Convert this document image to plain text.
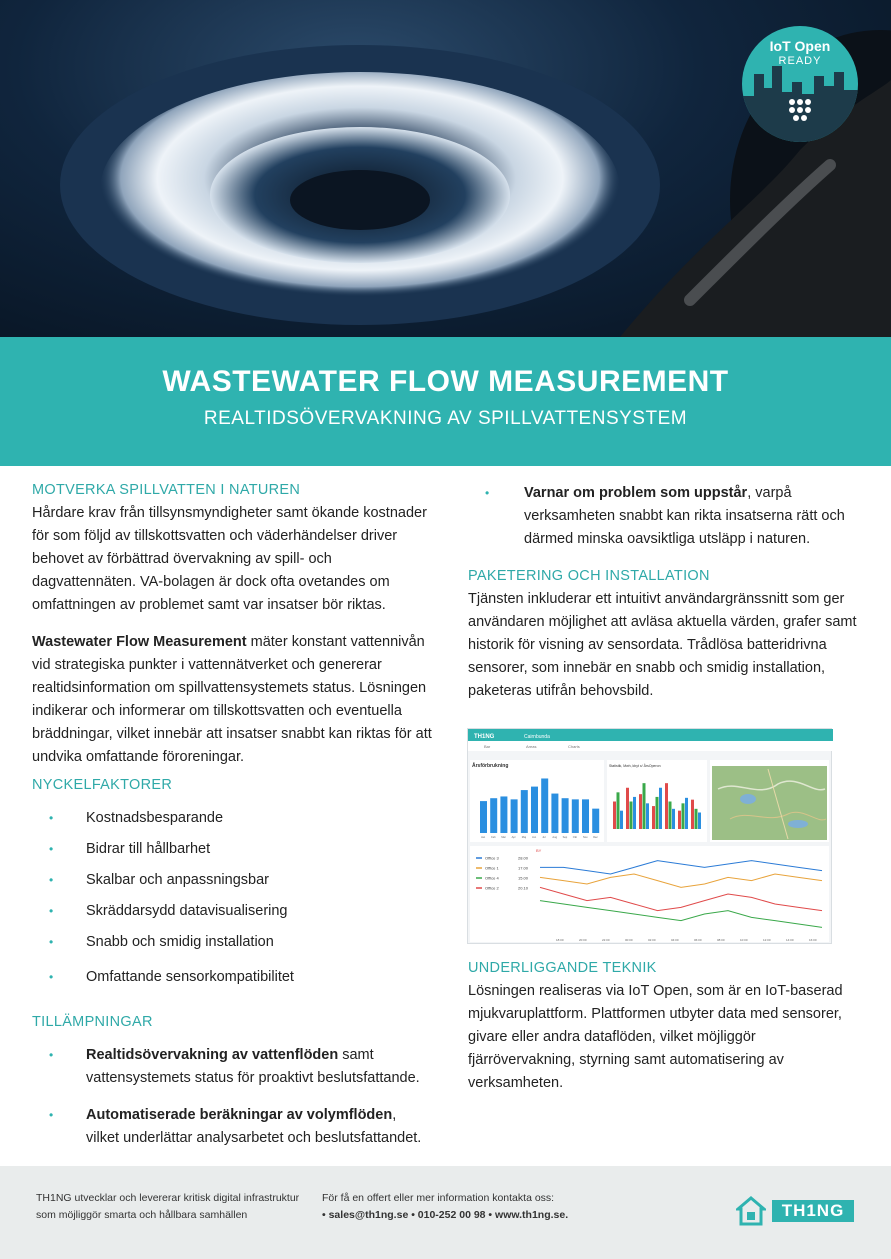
IoT Open
READY
WASTEWATER FLOW MEASUREMENT
REALTIDSÖVERVAKNING AV SPILLVATTENSYSTEM
MOTVERKA SPILLVATTEN I NATUREN

Hårdare krav från tillsynsmyndigheter samt ökande kostnader för som följd av tillskottsvatten och väderhändelser driver behovet av förbättrad övervakning av spill- och dagvattennäten. VA-bolagen är dock ofta ovetandes om omfattningen av problemet samt var insatser bör riktas.

Wastewater Flow Measurement mäter konstant vattennivån vid strategiska punkter i vattennätverket och genererar realtidsinformation om spillvattensystemets status. Lösningen indikerar och informerar om tillskottsvatten och eventuella bräddningar, vilket innebär att insatser snabbt kan riktas för att undvika omfattande föroreningar.

NYCKELFAKTORER
• Kostnadsbesparande
• Bidrar till hållbarhet
• Skalbar och anpassningsbar
• Skräddarsydd datavisualisering
• Snabb och smidig installation
• Omfattande sensorkompatibilitet
TILLÄMPNINGAR
• Realtidsövervakning av vattenflöden samt vattensystemets status för proaktivt beslutsfattande.
• Automatiserade beräkningar av volymflöden, vilket underlättar analysarbetet och beslutsfattandet.
• Varnar om problem som uppstår, varpå verksamheten snabbt kan rikta insatserna rätt och därmed minska oavsiktliga utsläpp i naturen.
PAKETERING OCH INSTALLATION

Tjänsten inkluderar ett intuitivt användargränssnitt som ger användaren möjlighet att avläsa aktuella värden, grafer samt historik för visning av sensordata. Trådlösa batteridrivna sensorer, som innebär en snabb och smidig installation, paketeras utifrån behovsbild.

TH1NG	Cairnbunda
Bar	Areas	Charts
Årsförbrukning
Jan Feb Mar Apr Maj Jun Jul	Aug Sep Okt Nov Dec
Statistik, Mwh, kbyt x/ ÅrsOperon
BY
Office 3	28.00
Office 1	17.00
Office 4	15.00
Office 2	20.10
18:00	20:00	22:00	00:00	02:00	04:00	06:00	08:00	10:00	12:00	14:00	16:00
UNDERLIGGANDE TEKNIK

Lösningen realiseras via IoT Open, som är en IoT-baserad mjukvaruplattform. Plattformen utbyter data med sensorer, givare eller andra dataflöden, vilket möjliggör fjärrövervakning, styrning samt automatisering av verksamheten.

TH1NG utvecklar och levererar kritisk digital infrastruktur som möjliggör smarta och hållbara samhällen
För få en offert eller mer information kontakta oss:
• sales@th1ng.se • 010-252 00 98 • www.th1ng.se.	TH1NG
